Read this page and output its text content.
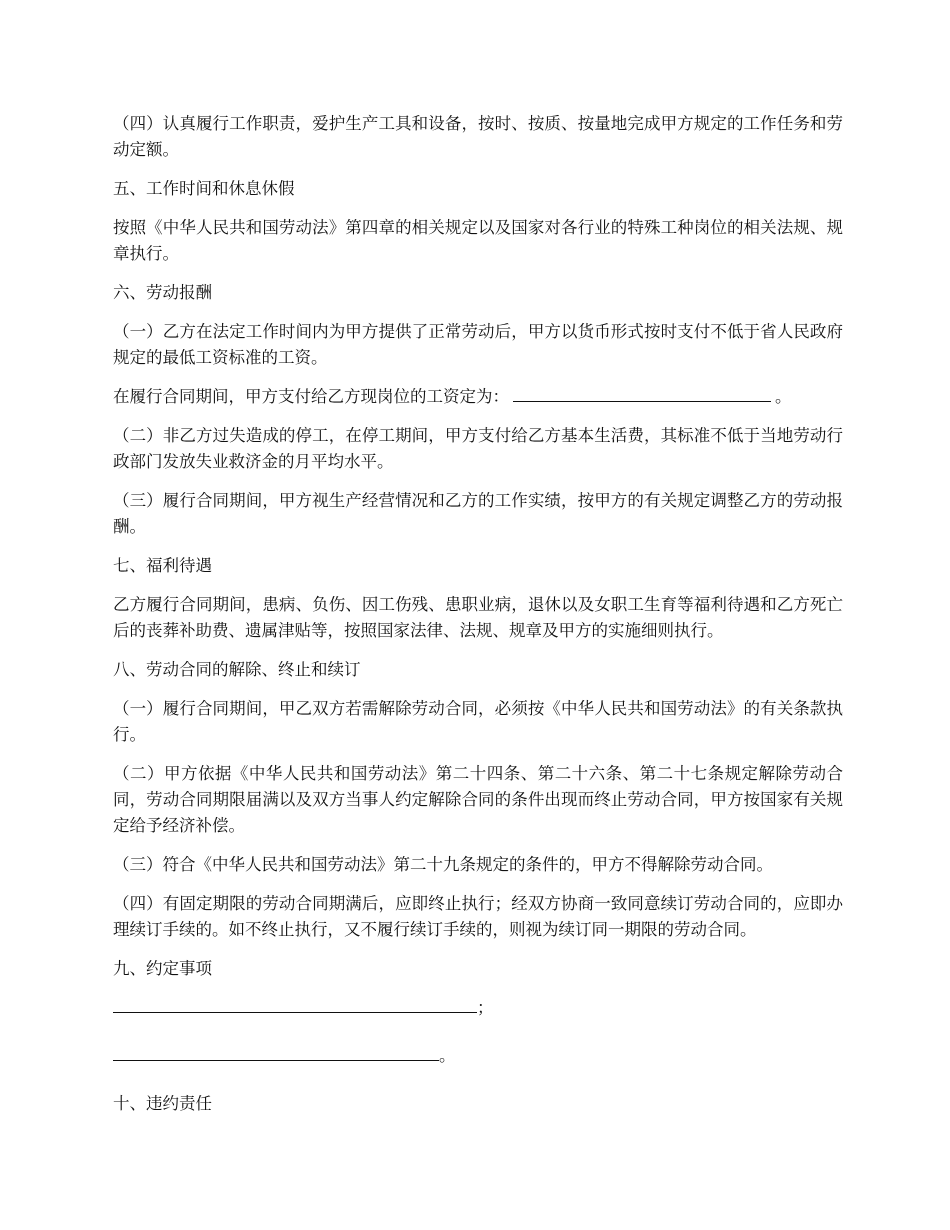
（四）认真履行工作职责，爱护生产工具和设备，按时、按质、按量地完成甲方规定的工作任务和劳动定额。

五、工作时间和休息休假

按照《中华人民共和国劳动法》第四章的相关规定以及国家对各行业的特殊工种岗位的相关法规、规章执行。

六、劳动报酬

（一）乙方在法定工作时间内为甲方提供了正常劳动后，甲方以货币形式按时支付不低于省人民政府规定的最低工资标准的工资。

在履行合同期间，甲方支付给乙方现岗位的工资定为：	。

（二）非乙方过失造成的停工，在停工期间，甲方支付给乙方基本生活费，其标准不低于当地劳动行政部门发放失业救济金的月平均水平。

（三）履行合同期间，甲方视生产经营情况和乙方的工作实绩，按甲方的有关规定调整乙方的劳动报酬。

七、福利待遇

乙方履行合同期间，患病、负伤、因工伤残、患职业病，退休以及女职工生育等福利待遇和乙方死亡后的丧葬补助费、遗属津贴等，按照国家法律、法规、规章及甲方的实施细则执行。

八、劳动合同的解除、终止和续订

（一）履行合同期间，甲乙双方若需解除劳动合同，必须按《中华人民共和国劳动法》的有关条款执行。

（二）甲方依据《中华人民共和国劳动法》第二十四条、第二十六条、第二十七条规定解除劳动合同，劳动合同期限届满以及双方当事人约定解除合同的条件出现而终止劳动合同，甲方按国家有关规定给予经济补偿。

（三）符合《中华人民共和国劳动法》第二十九条规定的条件的，甲方不得解除劳动合同。

（四）有固定期限的劳动合同期满后，应即终止执行；经双方协商一致同意续订劳动合同的，应即办理续订手续的。如不终止执行，又不履行续订手续的，则视为续订同一期限的劳动合同。

九、约定事项

；
。

十、违约责任
